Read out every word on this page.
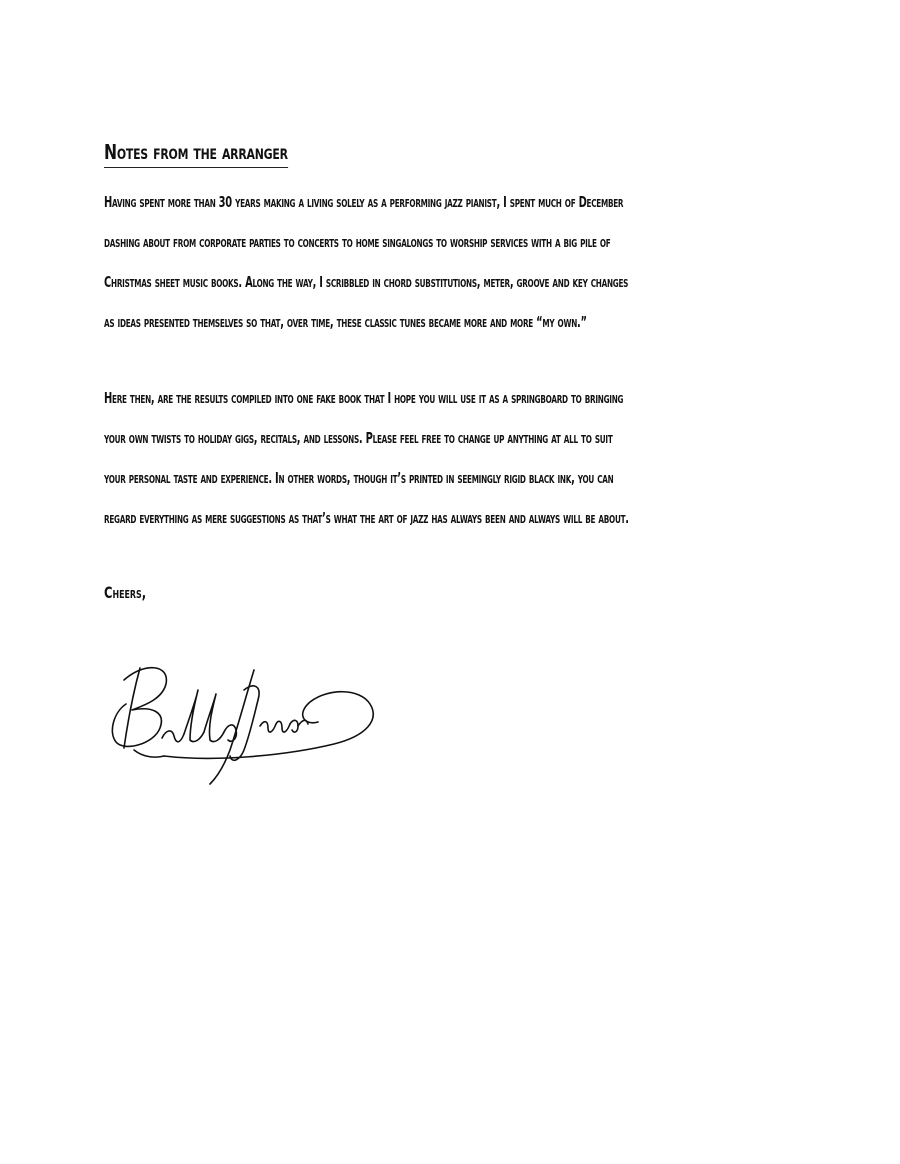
Notes from the arranger
Having spent more than 30 years making a living solely as a performing jazz pianist, I spent much of December
dashing about from corporate parties to concerts to home singalongs to worship services with a big pile of
Christmas sheet music books. Along the way, I scribbled in chord substitutions, meter, groove and key changes
as ideas presented themselves so that, over time, these classic tunes became more and more “my own.”
Here then, are the results compiled into one fake book that I hope you will use it as a springboard to bringing
your own twists to holiday gigs, recitals, and lessons. Please feel free to change up anything at all to suit
your personal taste and experience. In other words, though it’s printed in seemingly rigid black ink, you can
regard everything as mere suggestions as that’s what the art of jazz has always been and always will be about.

Cheers,
